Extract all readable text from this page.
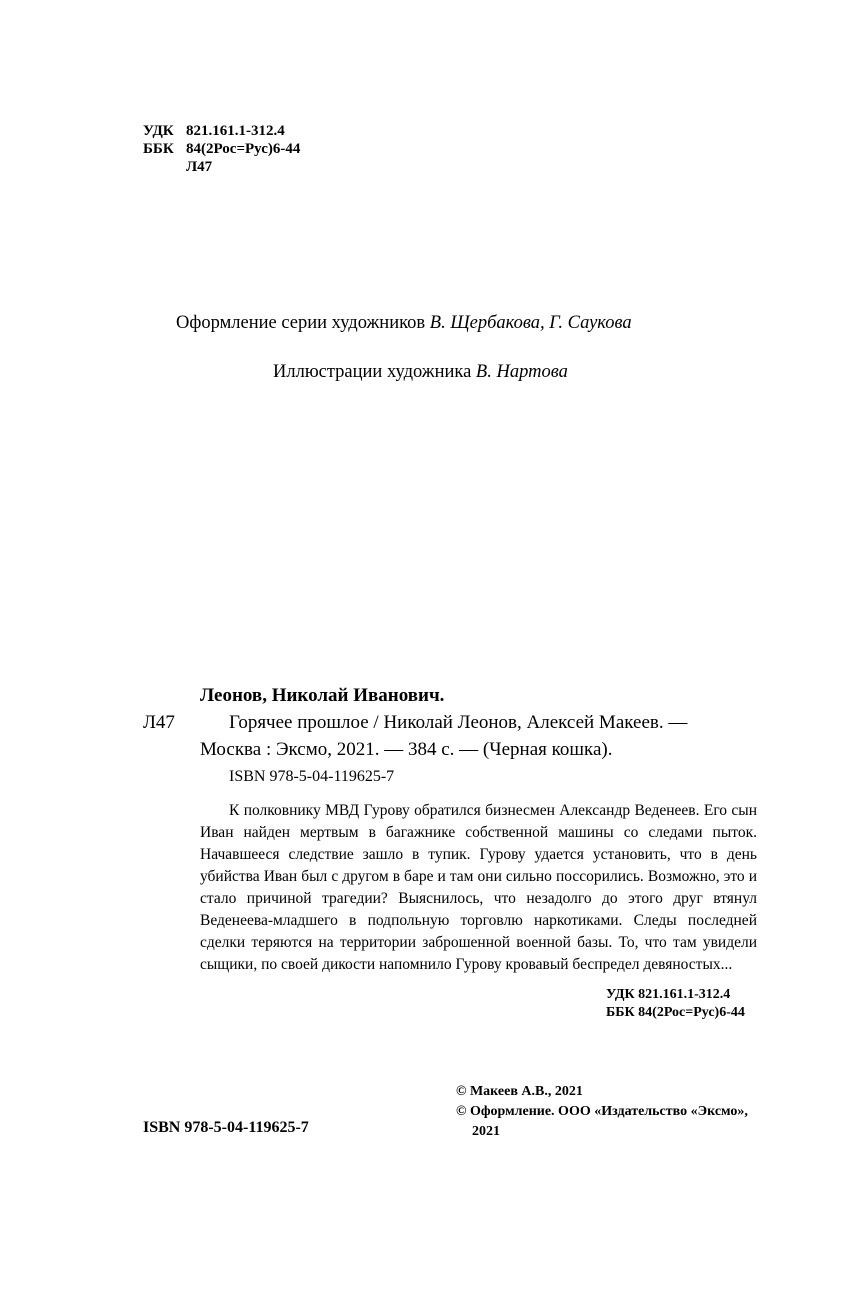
УДК 821.161.1-312.4
ББК 84(2Рос=Рус)6-44
Л47
Оформление серии художников В. Щербакова, Г. Саукова
Иллюстрации художника В. Нартова
Леонов, Николай Иванович.
Л47	Горячее прошлое / Николай Леонов, Алексей Макеев. —
Москва : Эксмо, 2021. — 384 с. — (Черная кошка).
ISBN 978-5-04-119625-7

К полковнику МВД Гурову обратился бизнесмен Александр Веденеев. Его сын Иван найден мертвым в багажнике собственной машины со следами пыток. Начавшееся следствие зашло в тупик. Гурову удается установить, что в день убийства Иван был с другом в баре и там они сильно поссорились. Возможно, это и стало причиной трагедии? Выяснилось, что незадолго до этого друг втянул Веденеева-младшего в подпольную торговлю наркотиками. Следы последней сделки теряются на территории заброшенной военной базы. То, что там увидели сыщики, по своей дикости напомнило Гурову кровавый беспредел девяностых...

УДК 821.161.1-312.4
ББК 84(2Рос=Рус)6-44
© Макеев А.В., 2021
© Оформление. ООО «Издательство «Эксмо»,
2021
ISBN 978-5-04-119625-7
